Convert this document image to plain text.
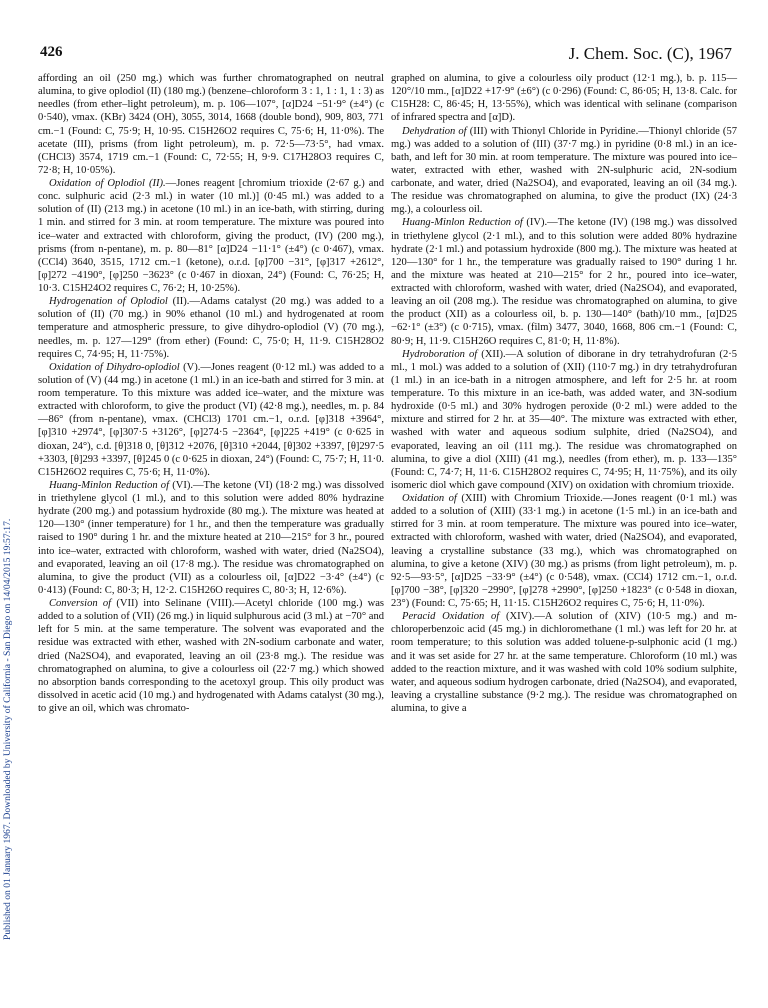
426	J. Chem. Soc. (C), 1967
Published on 01 January 1967. Downloaded by University of California - San Diego on 14/04/2015 19:57:17.

affording an oil (250 mg.) which was further chromatographed on neutral alumina, to give oplodiol (II) (180 mg.) (benzene–chloroform 3 : 1, 1 : 1, 1 : 3) as needles (from ether–light petroleum), m. p. 106—107°, [α]D24 −51·9° (±4°) (c 0·540), νmax. (KBr) 3424 (OH), 3055, 3014, 1668 (double bond), 909, 803, 771 cm.−1 (Found: C, 75·9; H, 10·95. C15H26O2 requires C, 75·6; H, 11·0%). The acetate (III), prisms (from light petroleum), m. p. 72·5—73·5°, had νmax. (CHCl3) 3574, 1719 cm.−1 (Found: C, 72·55; H, 9·9. C17H28O3 requires C, 72·8; H, 10·05%).

Oxidation of Oplodiol (II).—Jones reagent [chromium trioxide (2·67 g.) and conc. sulphuric acid (2·3 ml.) in water (10 ml.)] (0·45 ml.) was added to a solution of (II) (213 mg.) in acetone (10 ml.) in an ice-bath, with stirring, during 1 min. and stirred for 3 min. at room temperature. The mixture was poured into ice–water and extracted with chloroform, giving the product, (IV) (200 mg.), prisms (from n-pentane), m. p. 80—81° [α]D24 −11·1° (±4°) (c 0·467), νmax. (CCl4) 3640, 3515, 1712 cm.−1 (ketone), o.r.d. [φ]700 −31°, [φ]317 +2612°, [φ]272 −4190°, [φ]250 −3623° (c 0·467 in dioxan, 24°) (Found: C, 76·25; H, 10·3. C15H24O2 requires C, 76·2; H, 10·25%).

Hydrogenation of Oplodiol (II).—Adams catalyst (20 mg.) was added to a solution of (II) (70 mg.) in 90% ethanol (10 ml.) and hydrogenated at room temperature and atmospheric pressure, to give dihydro-oplodiol (V) (70 mg.), needles, m. p. 127—129° (from ether) (Found: C, 75·0; H, 11·9. C15H28O2 requires C, 74·95; H, 11·75%).

Oxidation of Dihydro-oplodiol (V).—Jones reagent (0·12 ml.) was added to a solution of (V) (44 mg.) in acetone (1 ml.) in an ice-bath and stirred for 3 min. at room temperature. To this mixture was added ice–water, and the mixture was extracted with chloroform, to give the product (VI) (42·8 mg.), needles, m. p. 84—86° (from n-pentane), νmax. (CHCl3) 1701 cm.−1, o.r.d. [φ]318 +3964°, [φ]310 +2974°, [φ]307·5 +3126°, [φ]274·5 −2364°, [φ]225 +419° (c 0·625 in dioxan, 24°), c.d. [θ]318 0, [θ]312 +2076, [θ]310 +2044, [θ]302 +3397, [θ]297·5 +3303, [θ]293 +3397, [θ]245 0 (c 0·625 in dioxan, 24°) (Found: C, 75·7; H, 11·0. C15H26O2 requires C, 75·6; H, 11·0%).

Huang-Minlon Reduction of (VI).—The ketone (VI) (18·2 mg.) was dissolved in triethylene glycol (1 ml.), and to this solution were added 80% hydrazine hydrate (200 mg.) and potassium hydroxide (80 mg.). The mixture was heated at 120—130° (inner temperature) for 1 hr., and then the temperature was gradually raised to 190° during 1 hr. and the mixture heated at 210—215° for 3 hr., poured into ice–water, extracted with chloroform, washed with water, dried (Na2SO4), and evaporated, leaving an oil (17·8 mg.). The residue was chromatographed on alumina, to give the product (VII) as a colourless oil, [α]D22 −3·4° (±4°) (c 0·413) (Found: C, 80·3; H, 12·2. C15H26O requires C, 80·3; H, 12·6%).

Conversion of (VII) into Selinane (VIII).—Acetyl chloride (100 mg.) was added to a solution of (VII) (26 mg.) in liquid sulphurous acid (3 ml.) at −70° and left for 5 min. at the same temperature. The solvent was evaporated and the residue was extracted with ether, washed with 2N-sodium carbonate and water, dried (Na2SO4), and evaporated, leaving an oil (23·8 mg.). The residue was chromatographed on alumina, to give a colourless oil (22·7 mg.) which showed no absorption bands corresponding to the acetoxyl group. This oily product was dissolved in acetic acid (10 mg.) and hydrogenated with Adams catalyst (30 mg.), to give an oil, which was chromato-

graphed on alumina, to give a colourless oily product (12·1 mg.), b. p. 115—120°/10 mm., [α]D22 +17·9° (±6°) (c 0·296) (Found: C, 86·05; H, 13·8. Calc. for C15H28: C, 86·45; H, 13·55%), which was identical with selinane (comparison of infrared spectra and [α]D).

Dehydration of (III) with Thionyl Chloride in Pyridine.—Thionyl chloride (57 mg.) was added to a solution of (III) (37·7 mg.) in pyridine (0·8 ml.) in an ice-bath, and left for 30 min. at room temperature. The mixture was poured into ice–water, extracted with ether, washed with 2N-sulphuric acid, 2N-sodium carbonate, and water, dried (Na2SO4), and evaporated, leaving an oil (34 mg.). The residue was chromatographed on alumina, to give the product (IX) (24·3 mg.), a colourless oil.

Huang-Minlon Reduction of (IV).—The ketone (IV) (198 mg.) was dissolved in triethylene glycol (2·1 ml.), and to this solution were added 80% hydrazine hydrate (2·1 ml.) and potassium hydroxide (800 mg.). The mixture was heated at 120—130° for 1 hr., the temperature was gradually raised to 190° during 1 hr. and the mixture was heated at 210—215° for 2 hr., poured into ice–water, extracted with chloroform, washed with water, dried (Na2SO4), and evaporated, leaving an oil (208 mg.). The residue was chromatographed on alumina, to give the product (XII) as a colourless oil, b. p. 130—140° (bath)/10 mm., [α]D25 −62·1° (±3°) (c 0·715), νmax. (film) 3477, 3040, 1668, 806 cm.−1 (Found: C, 80·9; H, 11·9. C15H26O requires C, 81·0; H, 11·8%).

Hydroboration of (XII).—A solution of diborane in dry tetrahydrofuran (2·5 ml., 1 mol.) was added to a solution of (XII) (110·7 mg.) in dry tetrahydrofuran (1 ml.) in an ice-bath in a nitrogen atmosphere, and left for 2·5 hr. at room temperature. To this mixture in an ice-bath, was added water, and 3N-sodium hydroxide (0·5 ml.) and 30% hydrogen peroxide (0·2 ml.) were added to the mixture and stirred for 2 hr. at 35—40°. The mixture was extracted with ether, washed with water and aqueous sodium sulphite, dried (Na2SO4), and evaporated, leaving an oil (111 mg.). The residue was chromatographed on alumina, to give a diol (XIII) (41 mg.), needles (from ether), m. p. 133—135° (Found: C, 74·7; H, 11·6. C15H28O2 requires C, 74·95; H, 11·75%), and its oily isomeric diol which gave compound (XIV) on oxidation with chromium trioxide.

Oxidation of (XIII) with Chromium Trioxide.—Jones reagent (0·1 ml.) was added to a solution of (XIII) (33·1 mg.) in acetone (1·5 ml.) in an ice-bath and stirred for 3 min. at room temperature. The mixture was poured into ice–water, extracted with chloroform, washed with water, dried (Na2SO4), and evaporated, leaving a crystalline substance (33 mg.), which was chromatographed on alumina, to give a ketone (XIV) (30 mg.) as prisms (from light petroleum), m. p. 92·5—93·5°, [α]D25 −33·9° (±4°) (c 0·548), νmax. (CCl4) 1712 cm.−1, o.r.d. [φ]700 −38°, [φ]320 −2990°, [φ]278 +2990°, [φ]250 +1823° (c 0·548 in dioxan, 23°) (Found: C, 75·65; H, 11·15. C15H26O2 requires C, 75·6; H, 11·0%).

Peracid Oxidation of (XIV).—A solution of (XIV) (10·5 mg.) and m-chloroperbenzoic acid (45 mg.) in dichloromethane (1 ml.) was left for 20 hr. at room temperature; to this solution was added toluene-p-sulphonic acid (1 mg.) and it was set aside for 27 hr. at the same temperature. Chloroform (10 ml.) was added to the reaction mixture, and it was washed with cold 10% sodium sulphite, water, and aqueous sodium hydrogen carbonate, dried (Na2SO4), and evaporated, leaving a crystalline substance (9·2 mg.). The residue was chromatographed on alumina, to give a
